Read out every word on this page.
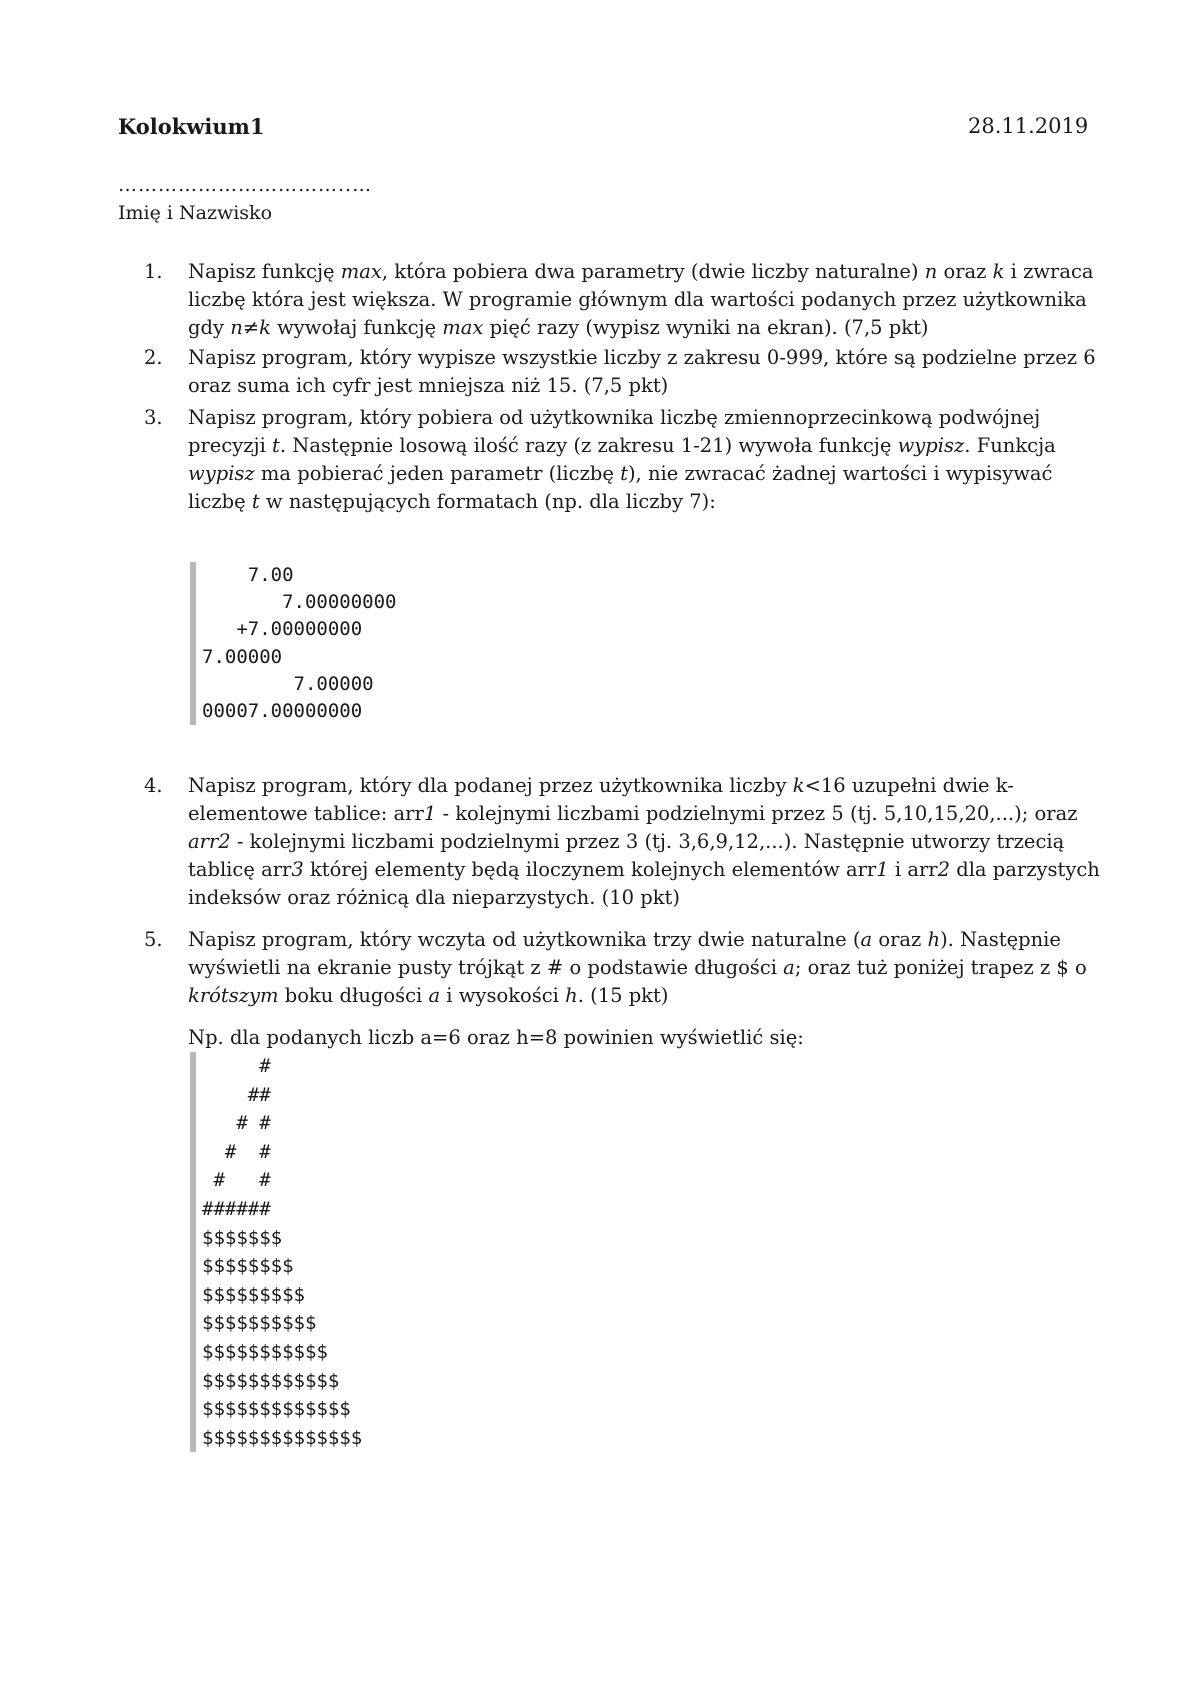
Kolokwium1	28.11.2019
……………………………..…
Imię i Nazwisko
1.	Napisz funkcję max, która pobiera dwa parametry (dwie liczby naturalne) n oraz k i zwraca
liczbę która jest większa. W programie głównym dla wartości podanych przez użytkownika
gdy n≠k wywołaj funkcję max pięć razy (wypisz wyniki na ekran). (7,5 pkt)
2.	Napisz program, który wypisze wszystkie liczby z zakresu 0-999, które są podzielne przez 6
oraz suma ich cyfr jest mniejsza niż 15. (7,5 pkt)
3.	Napisz program, który pobiera od użytkownika liczbę zmiennoprzecinkową podwójnej
precyzji t. Następnie losową ilość razy (z zakresu 1-21) wywoła funkcję wypisz. Funkcja
wypisz ma pobierać jeden parametr (liczbę t), nie zwracać żadnej wartości i wypisywać
liczbę t w następujących formatach (np. dla liczby 7):
7.00
7.00000000
+7.00000000
7.00000
7.00000
00007.00000000
4.	Napisz program, który dla podanej przez użytkownika liczby k<16 uzupełni dwie k-
elementowe tablice: arr1 - kolejnymi liczbami podzielnymi przez 5 (tj. 5,10,15,20,...); oraz
arr2 - kolejnymi liczbami podzielnymi przez 3 (tj. 3,6,9,12,...). Następnie utworzy trzecią
tablicę arr3 której elementy będą iloczynem kolejnych elementów arr1 i arr2 dla parzystych
indeksów oraz różnicą dla nieparzystych. (10 pkt)
5.	Napisz program, który wczyta od użytkownika trzy dwie naturalne (a oraz h). Następnie
wyświetli na ekranie pusty trójkąt z # o podstawie długości a; oraz tuż poniżej trapez z $ o
krótszym boku długości a i wysokości h. (15 pkt)
Np. dla podanych liczb a=6 oraz h=8 powinien wyświetlić się:
#
##
# #
#  #
#   #
######
$$$$$$$
$$$$$$$$
$$$$$$$$$
$$$$$$$$$$
$$$$$$$$$$$
$$$$$$$$$$$$
$$$$$$$$$$$$$
$$$$$$$$$$$$$$
